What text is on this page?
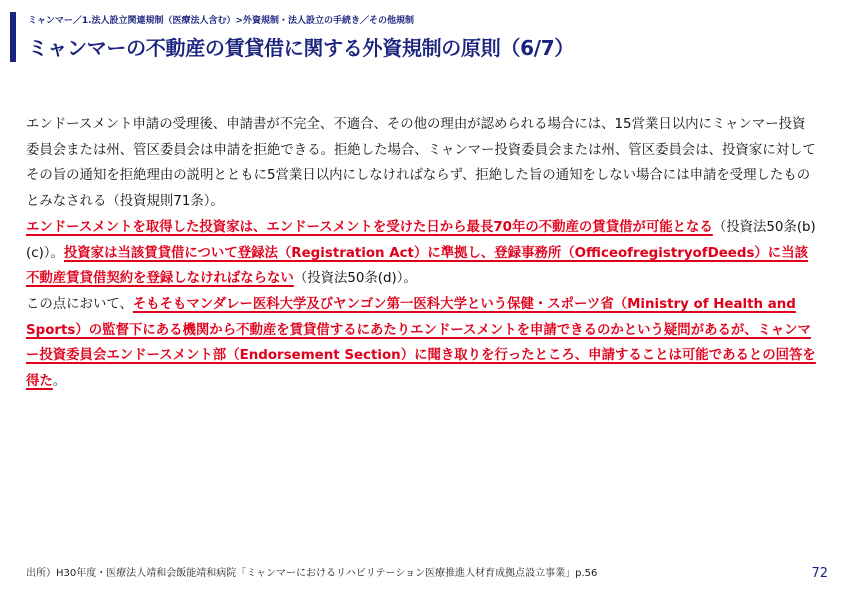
ミャンマー／1.法人設立関連規制（医療法人含む）>外資規制・法人設立の手続き／その他規制
ミャンマーの不動産の賃貸借に関する外資規制の原則（6/7）

エンドースメント申請の受理後、申請書が不完全、不適合、その他の理由が認められる場合には、15営業日以内にミャンマー投資委員会または州、管区委員会は申請を拒絶できる。拒絶した場合、ミャンマー投資委員会または州、管区委員会は、投資家に対してその旨の通知を拒絶理由の説明とともに5営業日以内にしなければならず、拒絶した旨の通知をしない場合には申請を受理したものとみなされる（投資規則71条）。

エンドースメントを取得した投資家は、エンドースメントを受けた日から最長70年の不動産の賃貸借が可能となる（投資法50条(b)(c)）。投資家は当該賃貸借について登録法（Registration Act）に準拠し、登録事務所（OfficeofregistryofDeeds）に当該不動産賃貸借契約を登録しなければならない（投資法50条(d)）。

この点において、そもそもマンダレー医科大学及びヤンゴン第一医科大学という保健・スポーツ省（Ministry of Health and Sports）の監督下にある機関から不動産を賃貸借するにあたりエンドースメントを申請できるのかという疑問があるが、ミャンマー投資委員会エンドースメント部（Endorsement Section）に聞き取りを行ったところ、申請することは可能であるとの回答を得た。

出所）H30年度・医療法人靖和会飯能靖和病院「ミャンマーにおけるリハビリテーション医療推進人材育成拠点設立事業」p.56	72
